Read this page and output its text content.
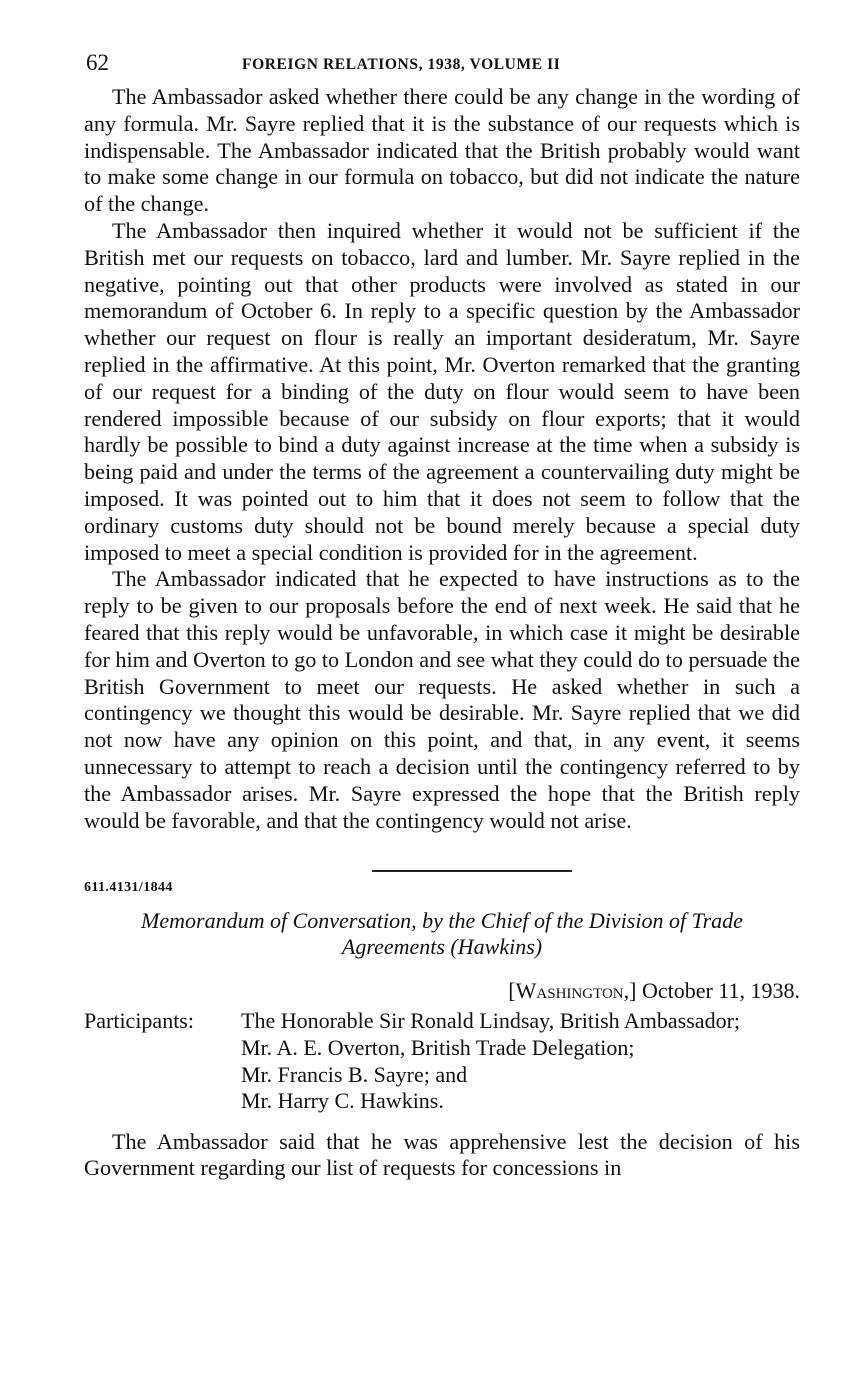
62	FOREIGN RELATIONS, 1938, VOLUME II

The Ambassador asked whether there could be any change in the wording of any formula. Mr. Sayre replied that it is the substance of our requests which is indispensable. The Ambassador indicated that the British probably would want to make some change in our formula on tobacco, but did not indicate the nature of the change.

The Ambassador then inquired whether it would not be sufficient if the British met our requests on tobacco, lard and lumber. Mr. Sayre replied in the negative, pointing out that other products were involved as stated in our memorandum of October 6. In reply to a specific question by the Ambassador whether our request on flour is really an important desideratum, Mr. Sayre replied in the affirmative. At this point, Mr. Overton remarked that the granting of our request for a binding of the duty on flour would seem to have been rendered impossible because of our subsidy on flour exports; that it would hardly be possible to bind a duty against increase at the time when a subsidy is being paid and under the terms of the agreement a countervailing duty might be imposed. It was pointed out to him that it does not seem to follow that the ordinary customs duty should not be bound merely because a special duty imposed to meet a special condition is provided for in the agreement.

The Ambassador indicated that he expected to have instructions as to the reply to be given to our proposals before the end of next week. He said that he feared that this reply would be unfavorable, in which case it might be desirable for him and Overton to go to London and see what they could do to persuade the British Government to meet our requests. He asked whether in such a contingency we thought this would be desirable. Mr. Sayre replied that we did not now have any opinion on this point, and that, in any event, it seems unnecessary to attempt to reach a decision until the contingency referred to by the Ambassador arises. Mr. Sayre expressed the hope that the British reply would be favorable, and that the contingency would not arise.

611.4131/1844
Memorandum of Conversation, by the Chief of the Division of Trade
Agreements (Hawkins)
[Washington,] October 11, 1938.
Participants: The Honorable Sir Ronald Lindsay, British Ambassador;
Mr. A. E. Overton, British Trade Delegation;
Mr. Francis B. Sayre; and
Mr. Harry C. Hawkins.

The Ambassador said that he was apprehensive lest the decision of his Government regarding our list of requests for concessions in
